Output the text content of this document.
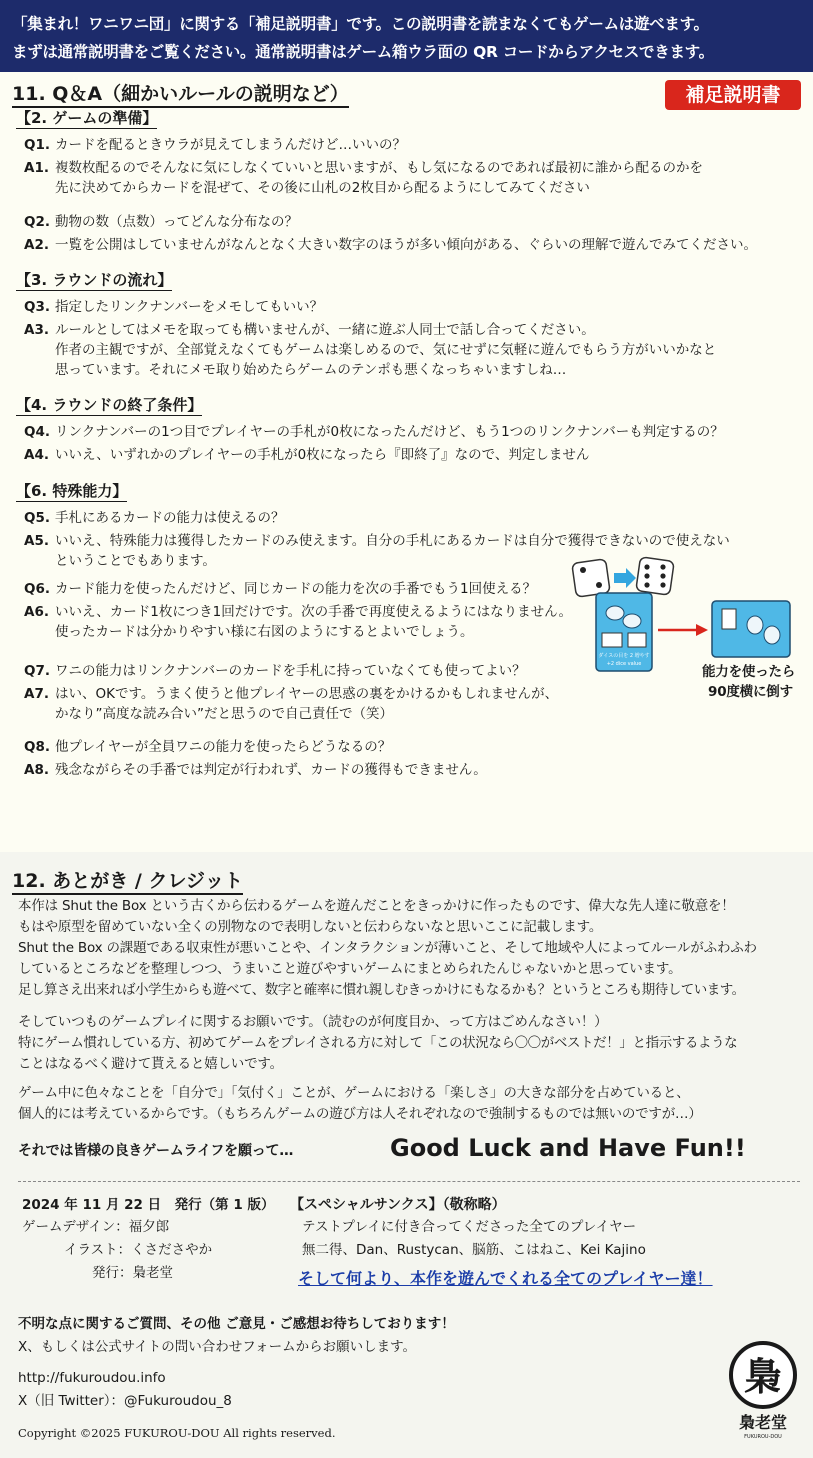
「集まれ！ワニワニ団」に関する「補足説明書」です。この説明書を読まなくてもゲームは遊べます。
まずは通常説明書をご覧ください。通常説明書はゲーム箱ウラ面の QR コードからアクセスできます。
11. Q＆A（細かいルールの説明など）	補足説明書
【2. ゲームの準備】
Q1. カードを配るときウラが見えてしまうんだけど…いいの？
A1. 複数枚配るのでそんなに気にしなくていいと思いますが、もし気になるのであれば最初に誰から配るのかを
先に決めてからカードを混ぜて、その後に山札の2枚目から配るようにしてみてください
Q2. 動物の数（点数）ってどんな分布なの？
A2. 一覧を公開はしていませんがなんとなく大きい数字のほうが多い傾向がある、ぐらいの理解で遊んでみてください。
【3. ラウンドの流れ】
Q3. 指定したリンクナンバーをメモしてもいい？
A3. ルールとしてはメモを取っても構いませんが、一緒に遊ぶ人同士で話し合ってください。
作者の主観ですが、全部覚えなくてもゲームは楽しめるので、気にせずに気軽に遊んでもらう方がいいかなと
思っています。それにメモ取り始めたらゲームのテンポも悪くなっちゃいますしね…
【4. ラウンドの終了条件】
Q4. リンクナンバーの1つ目でプレイヤーの手札が0枚になったんだけど、もう1つのリンクナンバーも判定するの？
A4. いいえ、いずれかのプレイヤーの手札が0枚になったら『即終了』なので、判定しません
【6. 特殊能力】
Q5. 手札にあるカードの能力は使えるの？
A5. いいえ、特殊能力は獲得したカードのみ使えます。自分の手札にあるカードは自分で獲得できないので使えない
ということでもあります。
Q6. カード能力を使ったんだけど、同じカードの能力を次の手番でもう1回使える？
A6. いいえ、カード1枚につき1回だけです。次の手番で再度使えるようにはなりません。
使ったカードは分かりやすい様に右図のようにするとよいでしょう。
Q7. ワニの能力はリンクナンバーのカードを手札に持っていなくても使ってよい？
A7. はい、OKです。うまく使うと他プレイヤーの思惑の裏をかけるかもしれませんが、
かなり”高度な読み合い”だと思うので自己責任で（笑）
Q8. 他プレイヤーが全員ワニの能力を使ったらどうなるの？
A8. 残念ながらその手番では判定が行われず、カードの獲得もできません。
ダイスの目を 2 増やす
+2 dice value	能力を使ったら
90度横に倒す
12. あとがき / クレジット
本作は Shut the Box という古くから伝わるゲームを遊んだことをきっかけに作ったものです、偉大な先人達に敬意を！
もはや原型を留めていない全くの別物なので表明しないと伝わらないなと思いここに記載します。
Shut the Box の課題である収束性が悪いことや、インタラクションが薄いこと、そして地域や人によってルールがふわふわ
しているところなどを整理しつつ、うまいこと遊びやすいゲームにまとめられたんじゃないかと思っています。
足し算さえ出来れば小学生からも遊べて、数字と確率に慣れ親しむきっかけにもなるかも？というところも期待しています。
そしていつものゲームプレイに関するお願いです。（読むのが何度目か、って方はごめんなさい！）
特にゲーム慣れしている方、初めてゲームをプレイされる方に対して「この状況なら〇〇がベストだ！」と指示するような
ことはなるべく避けて貰えると嬉しいです。
ゲーム中に色々なことを「自分で」「気付く」ことが、ゲームにおける「楽しさ」の大きな部分を占めていると、
個人的には考えているからです。（もちろんゲームの遊び方は人それぞれなので強制するものでは無いのですが…）
それでは皆様の良きゲームライフを願って…	Good Luck and Have Fun!!
2024 年 11 月 22 日　発行（第 1 版）
ゲームデザイン：福夕郎
イラスト：くさださやか
発行：梟老堂
【スペシャルサンクス】（敬称略）
テストプレイに付き合ってくださった全てのプレイヤー
無二得、Dan、Rustycan、脳筋、こはねこ、Kei Kajino
そして何より、本作を遊んでくれる全てのプレイヤー達！
不明な点に関するご質問、その他 ご意見・ご感想お待ちしております！
X、もしくは公式サイトの問い合わせフォームからお願いします。
http://fukuroudou.info
X（旧 Twitter）：@Fukuroudou_8
Copyright ©2025 FUKUROU-DOU All rights reserved.
梟
梟老堂
FUKUROU-DOU
